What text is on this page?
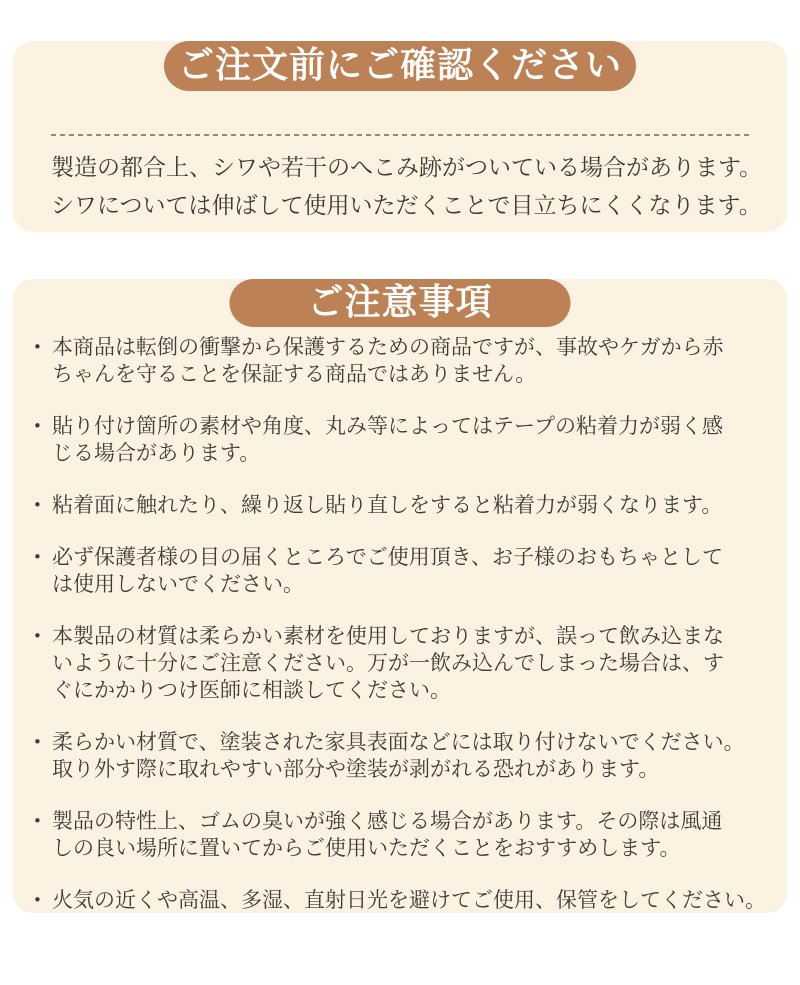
ご注文前にご確認ください

製造の都合上、シワや若干のへこみ跡がついている場合があります。
シワについては伸ばして使用いただくことで目立ちにくくなります。

ご注意事項
• 本商品は転倒の衝撃から保護するための商品ですが、事故やケガから赤
ちゃんを守ることを保証する商品ではありません。
• 貼り付け箇所の素材や角度、丸み等によってはテープの粘着力が弱く感
じる場合があります。
• 粘着面に触れたり、繰り返し貼り直しをすると粘着力が弱くなります。
• 必ず保護者様の目の届くところでご使用頂き、お子様のおもちゃとして
は使用しないでください。
• 本製品の材質は柔らかい素材を使用しておりますが、誤って飲み込まな
いように十分にご注意ください。万が一飲み込んでしまった場合は、す
ぐにかかりつけ医師に相談してください。
• 柔らかい材質で、塗装された家具表面などには取り付けないでください。
取り外す際に取れやすい部分や塗装が剥がれる恐れがあります。
• 製品の特性上、ゴムの臭いが強く感じる場合があります。その際は風通
しの良い場所に置いてからご使用いただくことをおすすめします。
• 火気の近くや高温、多湿、直射日光を避けてご使用、保管をしてください。
